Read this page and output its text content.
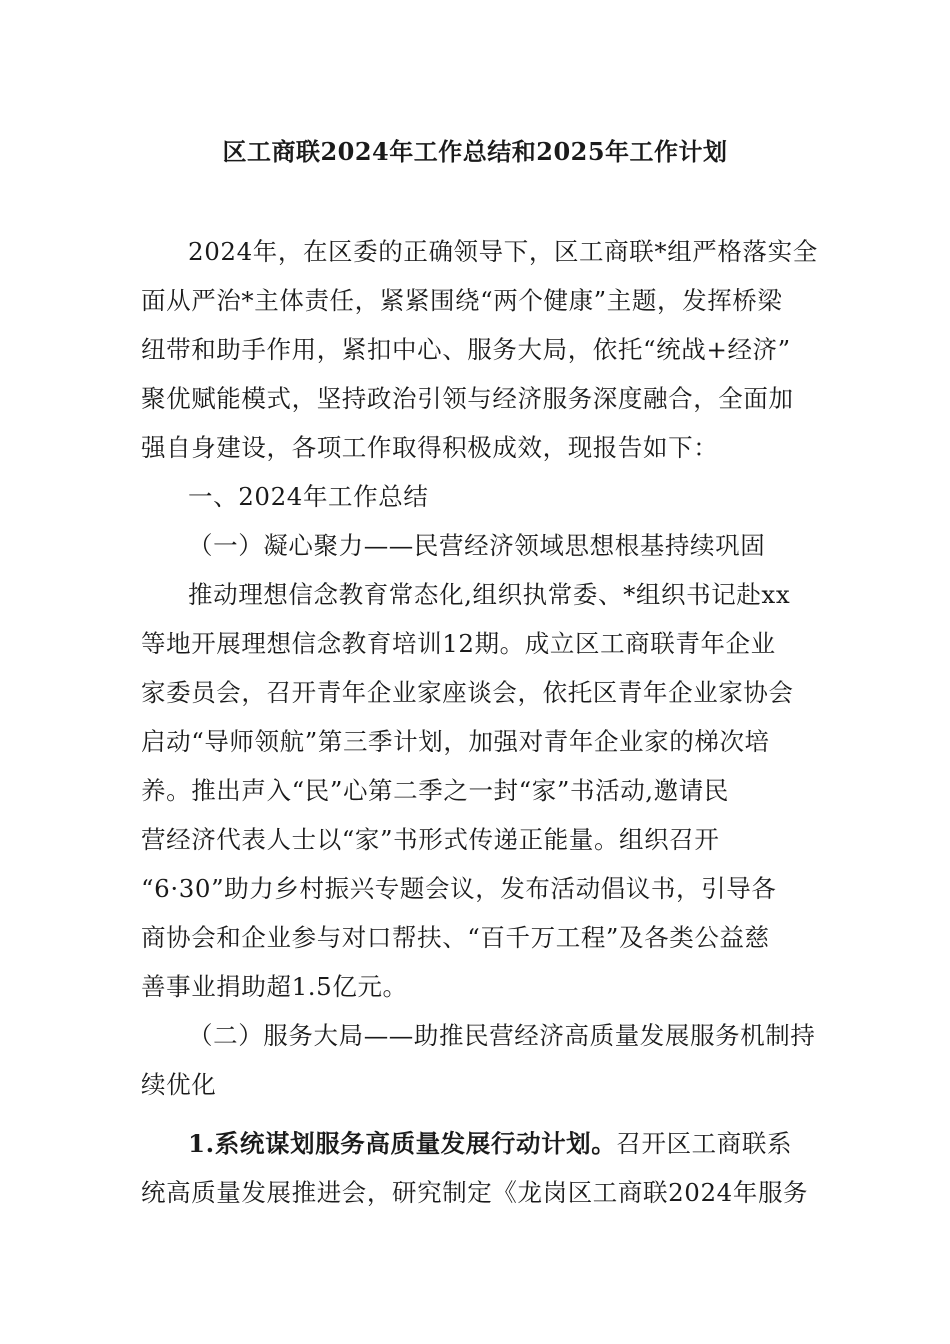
区工商联2024年工作总结和2025年工作计划
2024年，在区委的正确领导下，区工商联*组严格落实全
面从严治*主体责任，紧紧围绕“两个健康”主题，发挥桥梁
纽带和助手作用，紧扣中心、服务大局，依托“统战+经济”
聚优赋能模式，坚持政治引领与经济服务深度融合，全面加
强自身建设，各项工作取得积极成效，现报告如下：
一、2024年工作总结
（一）凝心聚力——民营经济领域思想根基持续巩固
推动理想信念教育常态化,组织执常委、*组织书记赴xx
等地开展理想信念教育培训12期。成立区工商联青年企业
家委员会，召开青年企业家座谈会，依托区青年企业家协会
启动“导师领航”第三季计划，加强对青年企业家的梯次培
养。推出声入“民”心第二季之一封“家”书活动,邀请民
营经济代表人士以“家”书形式传递正能量。组织召开
“6·30”助力乡村振兴专题会议，发布活动倡议书，引导各
商协会和企业参与对口帮扶、“百千万工程”及各类公益慈
善事业捐助超1.5亿元。
（二）服务大局——助推民营经济高质量发展服务机制持
续优化
1.系统谋划服务高质量发展行动计划。召开区工商联系
统高质量发展推进会，研究制定《龙岗区工商联2024年服务
